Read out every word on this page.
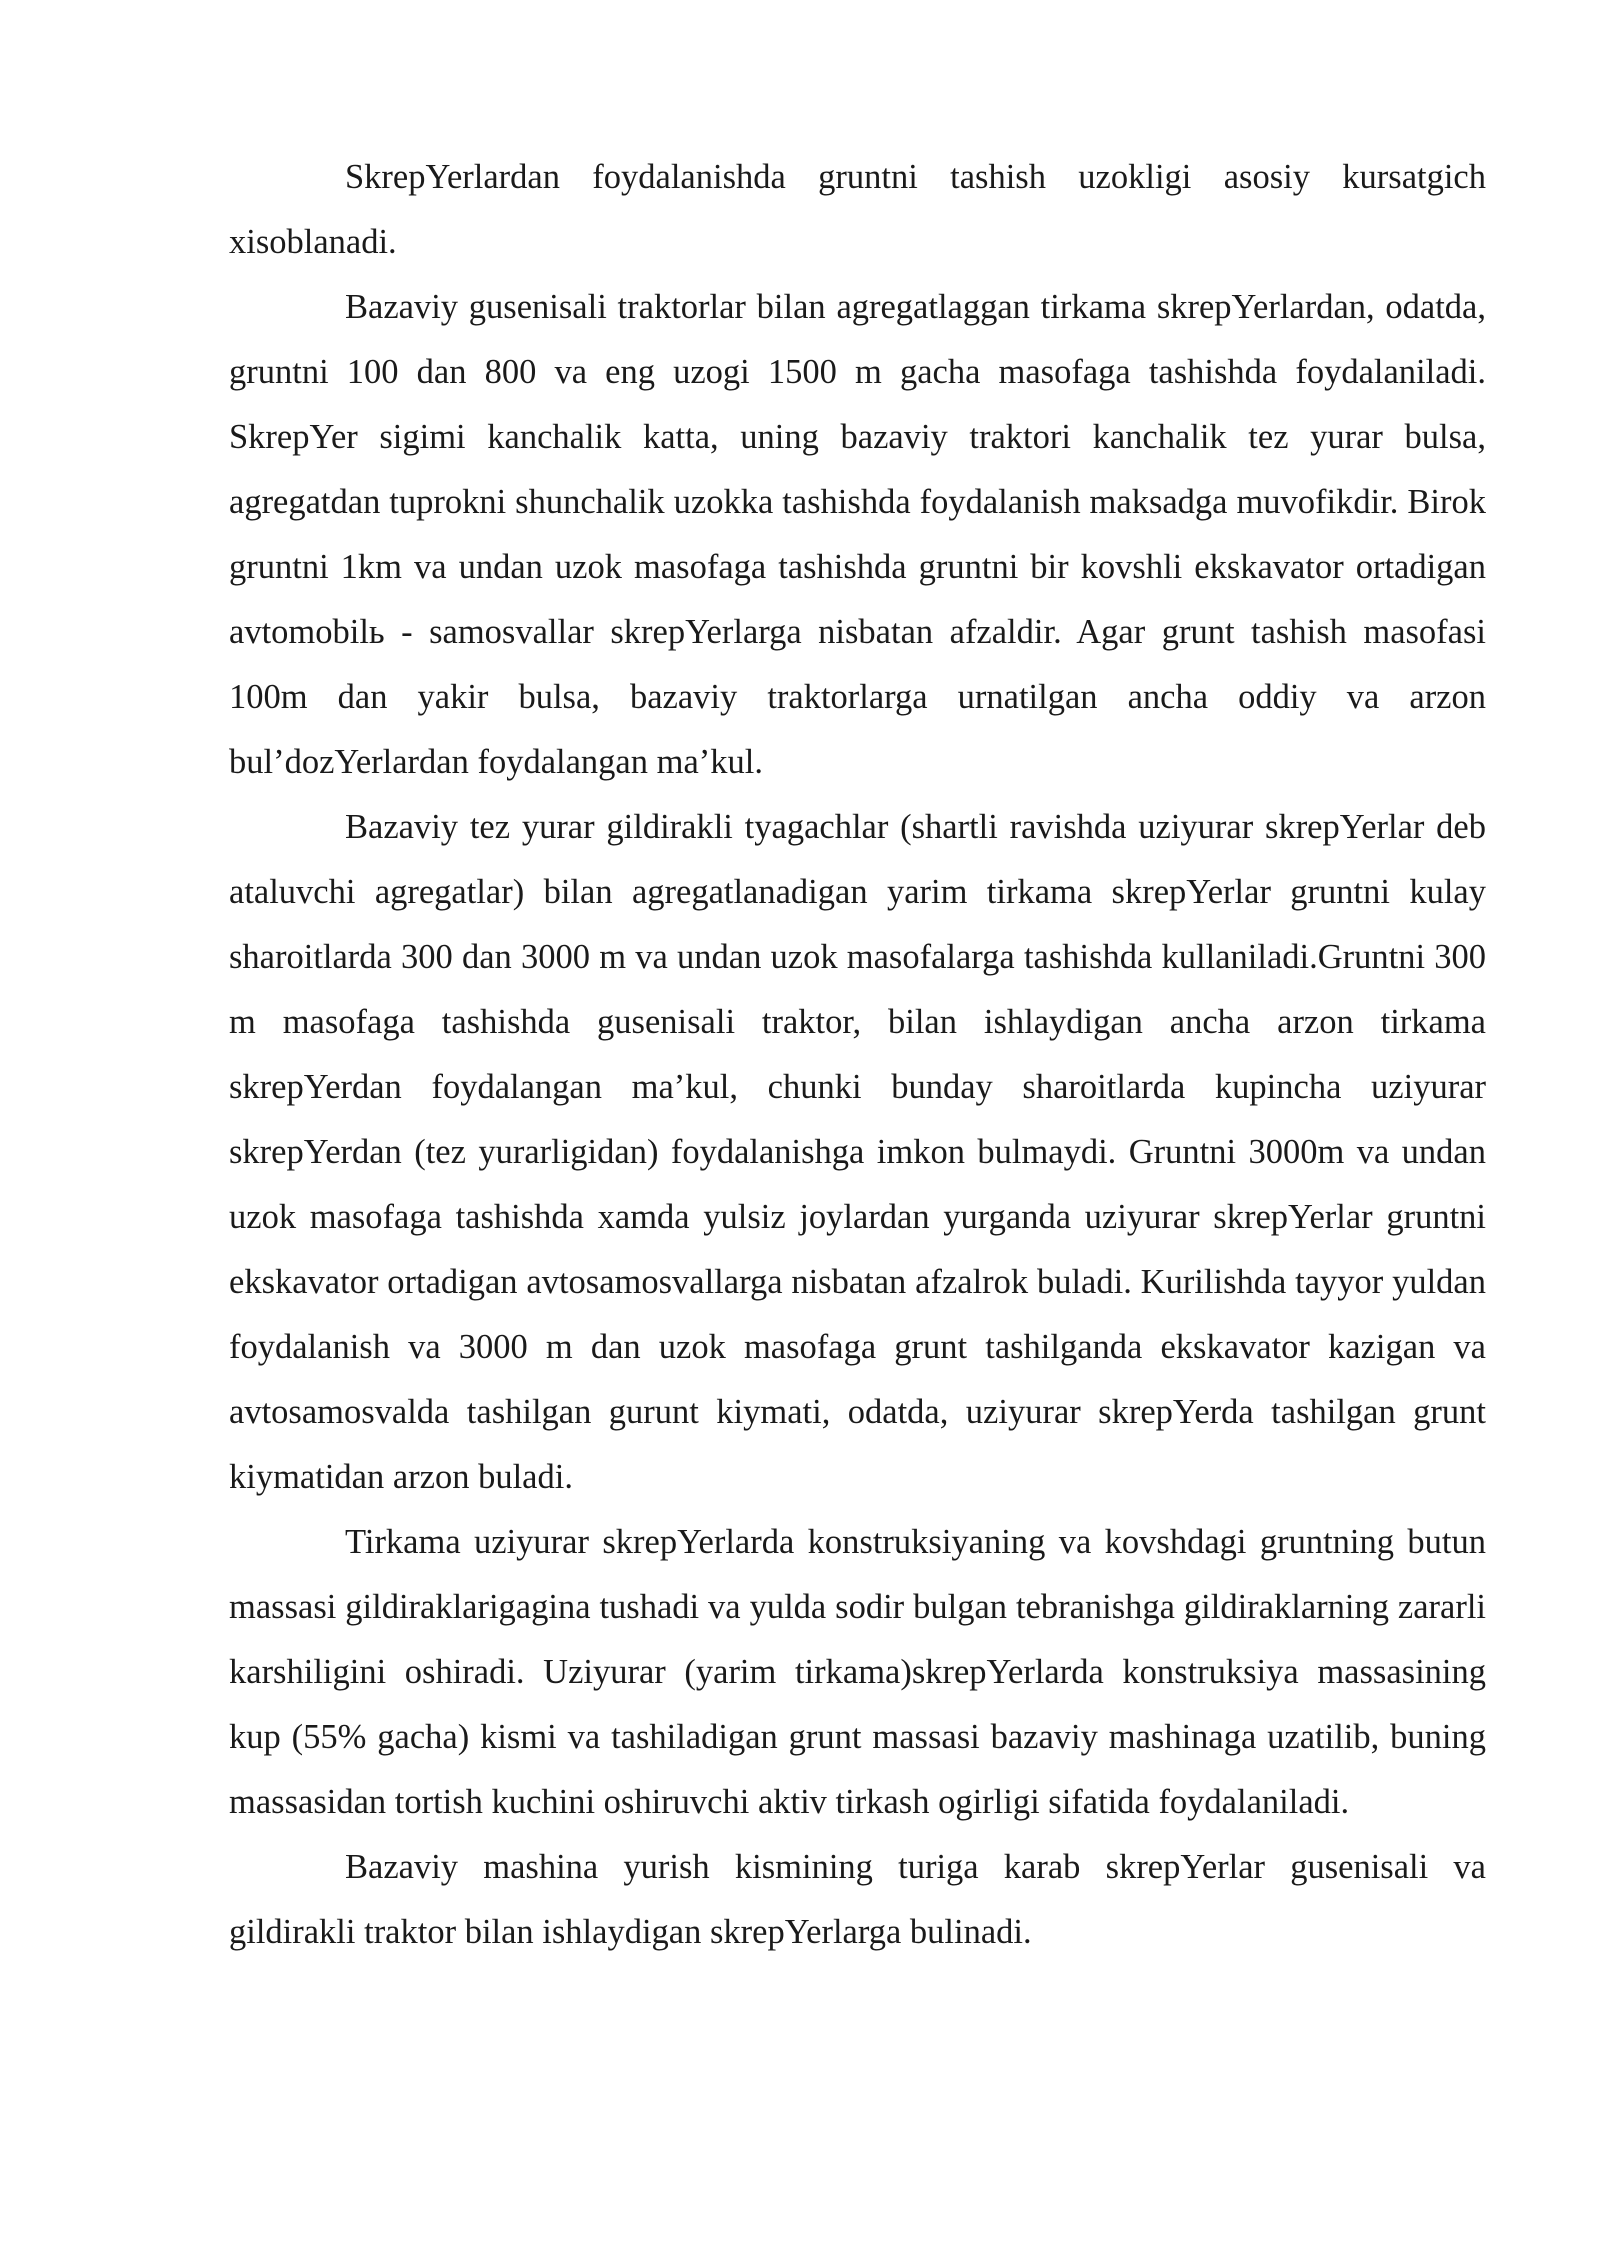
SkrepYerlardan foydalanishda gruntni tashish uzokligi asosiy kursatgich xisoblanadi.

Bazaviy gusenisali traktorlar bilan agregatlaggan tirkama skrepYerlardan, odatda, gruntni 100 dan 800 va eng uzogi 1500 m gacha masofaga tashishda foydalaniladi. SkrepYer sigimi kanchalik katta, uning bazaviy traktori kanchalik tez yurar bulsa, agregatdan tuprokni shunchalik uzokka tashishda foydalanish maksadga muvofikdir. Birok gruntni 1km va undan uzok masofaga tashishda gruntni bir kovshli ekskavator ortadigan avtomobilь - samosvallar skrepYerlarga nisbatan afzaldir. Agar grunt tashish masofasi 100m dan yakir bulsa, bazaviy traktorlarga urnatilgan ancha oddiy va arzon bul’dozYerlardan foydalangan ma’kul.

Bazaviy tez yurar gildirakli tyagachlar (shartli ravishda uziyurar skrepYerlar deb ataluvchi agregatlar) bilan agregatlanadigan yarim tirkama skrepYerlar gruntni kulay sharoitlarda 300 dan 3000 m va undan uzok masofalarga tashishda kullaniladi.Gruntni 300 m masofaga tashishda gusenisali traktor, bilan ishlaydigan ancha arzon tirkama skrepYerdan foydalangan ma’kul, chunki bunday sharoitlarda kupincha uziyurar skrepYerdan (tez yurarligidan) foydalanishga imkon bulmaydi. Gruntni 3000m va undan uzok masofaga tashishda xamda yulsiz joylardan yurganda uziyurar skrepYerlar gruntni ekskavator ortadigan avtosamosvallarga nisbatan afzalrok buladi. Kurilishda tayyor yuldan foydalanish va 3000 m dan uzok masofaga grunt tashilganda ekskavator kazigan va avtosamosvalda tashilgan gurunt kiymati, odatda, uziyurar skrepYerda tashilgan grunt kiymatidan arzon buladi.

Tirkama uziyurar skrepYerlarda konstruksiyaning va kovshdagi gruntning butun massasi gildiraklarigagina tushadi va yulda sodir bulgan tebranishga gildiraklarning zararli karshiligini oshiradi. Uziyurar (yarim tirkama)skrepYerlarda konstruksiya massasining kup (55% gacha) kismi va tashiladigan grunt massasi bazaviy mashinaga uzatilib, buning massasidan tortish kuchini oshiruvchi aktiv tirkash ogirligi sifatida foydalaniladi.

Bazaviy mashina yurish kismining turiga karab skrepYerlar gusenisali va gildirakli traktor bilan ishlaydigan skrepYerlarga bulinadi.
